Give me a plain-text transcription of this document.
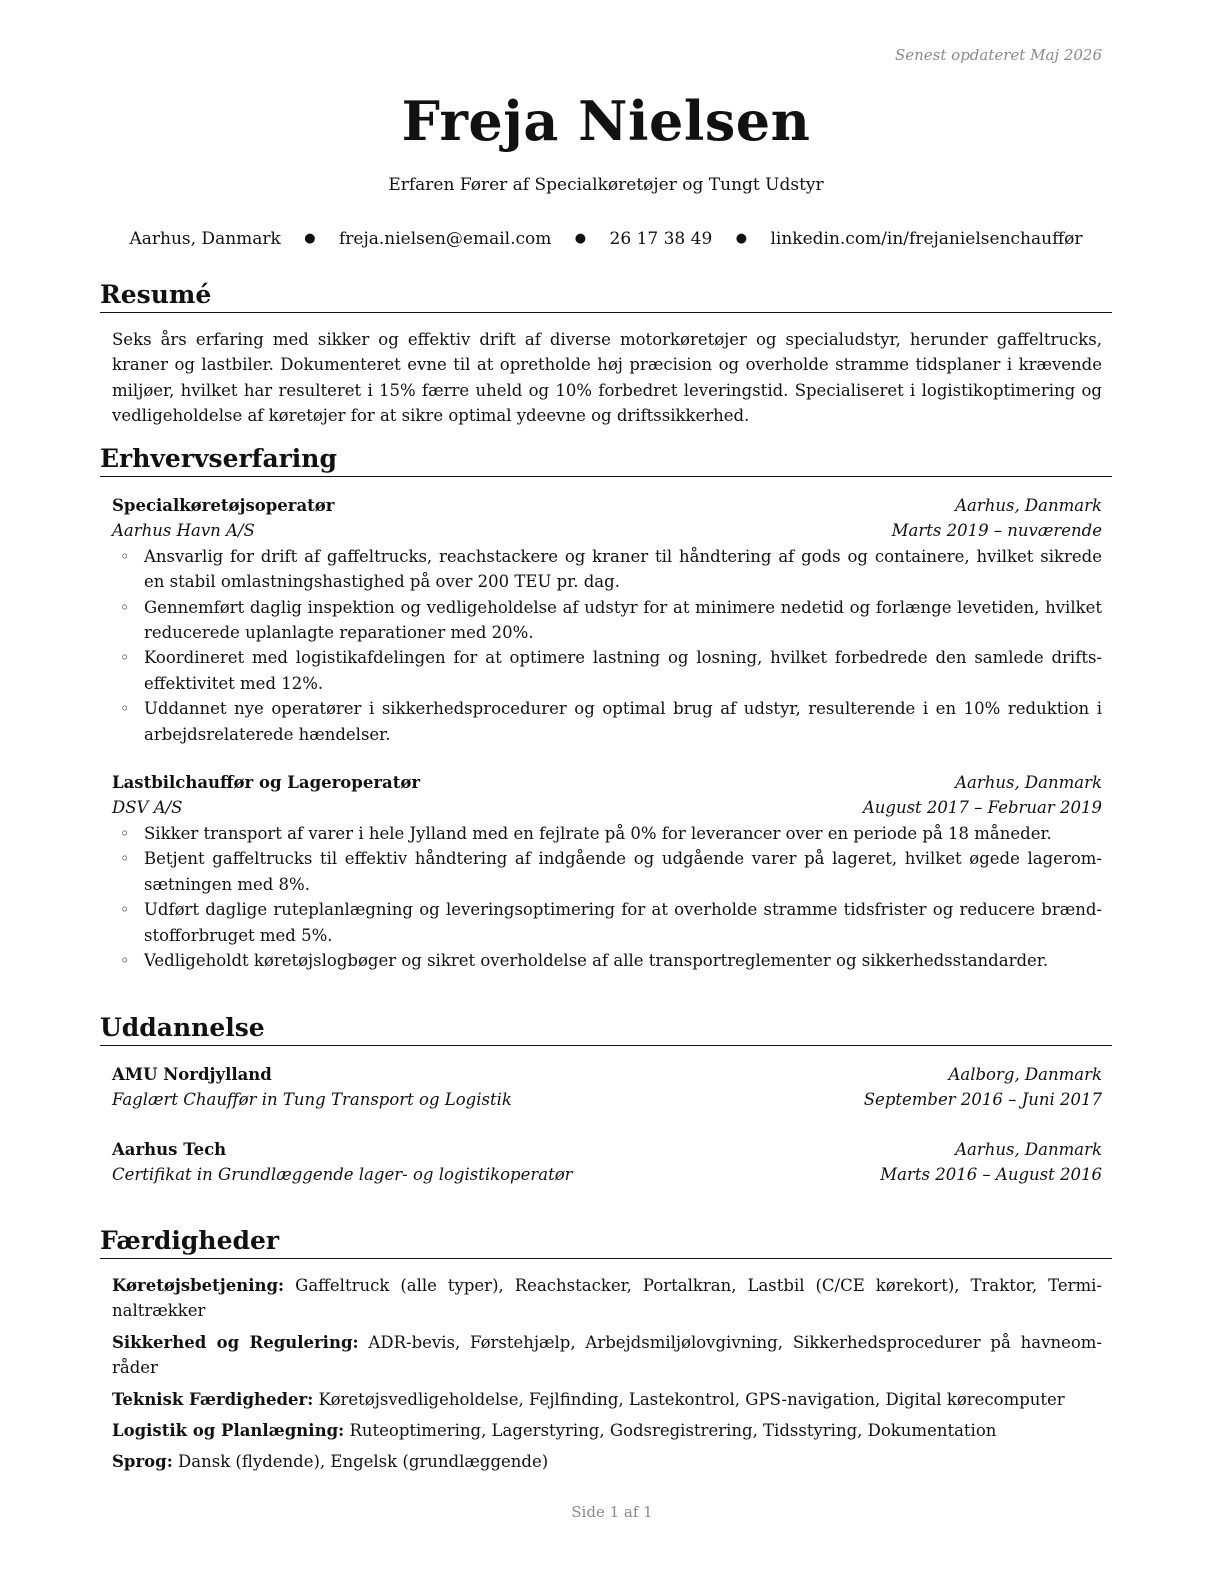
Senest opdateret Maj 2026
Freja Nielsen
Erfaren Fører af Specialkøretøjer og Tungt Udstyr
Aarhus, Danmark ● freja.nielsen@email.com ● 26 17 38 49 ● linkedin.com/in/frejanielsenchauffør
Resumé
Seks års erfaring med sikker og effektiv drift af diverse motorkøretøjer og specialudstyr, herunder gaffeltrucks, kraner og lastbiler. Dokumenteret evne til at opretholde høj præcision og overholde stramme tidsplaner i krævende miljøer, hvilket har resulteret i 15% færre uheld og 10% forbedret leveringstid. Specialiseret i logistikoptimering og vedligeholdelse af køretøjer for at sikre optimal ydeevne og driftssikkerhed.
Erhvervserfaring
Specialkøretøjsoperatør	Aarhus, Danmark
Aarhus Havn A/S	Marts 2019 – nuværende
◦ Ansvarlig for drift af gaffeltrucks, reachstackere og kraner til håndtering af gods og containere, hvilket sikrede en stabil omlastningshastighed på over 200 TEU pr. dag.
◦ Gennemført daglig inspektion og vedligeholdelse af udstyr for at minimere nedetid og forlænge levetiden, hvilket reducerede uplanlagte reparationer med 20%.
◦ Koordineret med logistikafdelingen for at optimere lastning og losning, hvilket forbedrede den samlede driftseffektivitet med 12%.
◦ Uddannet nye operatører i sikkerhedsprocedurer og optimal brug af udstyr, resulterende i en 10% reduktion i arbejdsrelaterede hændelser.
Lastbilchauffør og Lageroperatør	Aarhus, Danmark
DSV A/S	August 2017 – Februar 2019
◦ Sikker transport af varer i hele Jylland med en fejlrate på 0% for leverancer over en periode på 18 måneder.
◦ Betjent gaffeltrucks til effektiv håndtering af indgående og udgående varer på lageret, hvilket øgede lageromsætningen med 8%.
◦ Udført daglige ruteplanlægning og leveringsoptimering for at overholde stramme tidsfrister og reducere brændstofforbruget med 5%.
◦ Vedligeholdt køretøjslogbøger og sikret overholdelse af alle transportreglementer og sikkerhedsstandarder.
Uddannelse
AMU Nordjylland	Aalborg, Danmark
Faglært Chauffør in Tung Transport og Logistik	September 2016 – Juni 2017
Aarhus Tech	Aarhus, Danmark
Certifikat in Grundlæggende lager- og logistikoperatør	Marts 2016 – August 2016
Færdigheder
Køretøjsbetjening: Gaffeltruck (alle typer), Reachstacker, Portalkran, Lastbil (C/CE kørekort), Traktor, Terminaltrækker
Sikkerhed og Regulering: ADR-bevis, Førstehjælp, Arbejdsmiljølovgivning, Sikkerhedsprocedurer på havneområder
Teknisk Færdigheder: Køretøjsvedligeholdelse, Fejlfinding, Lastekontrol, GPS-navigation, Digital kørecomputer
Logistik og Planlægning: Ruteoptimering, Lagerstyring, Godsregistrering, Tidsstyring, Dokumentation
Sprog: Dansk (flydende), Engelsk (grundlæggende)
Side 1 af 1
